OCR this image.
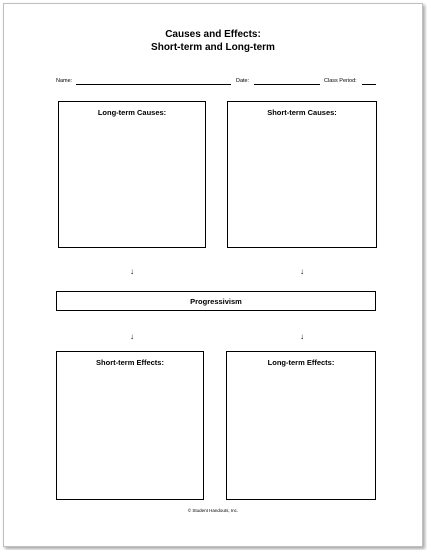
Causes and Effects:
Short-term and Long-term
Name:	Date:	Class Period:
Long-term Causes:	Short-term Causes:
↓	↓
Progressivism
↓	↓
Short-term Effects:	Long-term Effects:
© Student Handouts, Inc.
